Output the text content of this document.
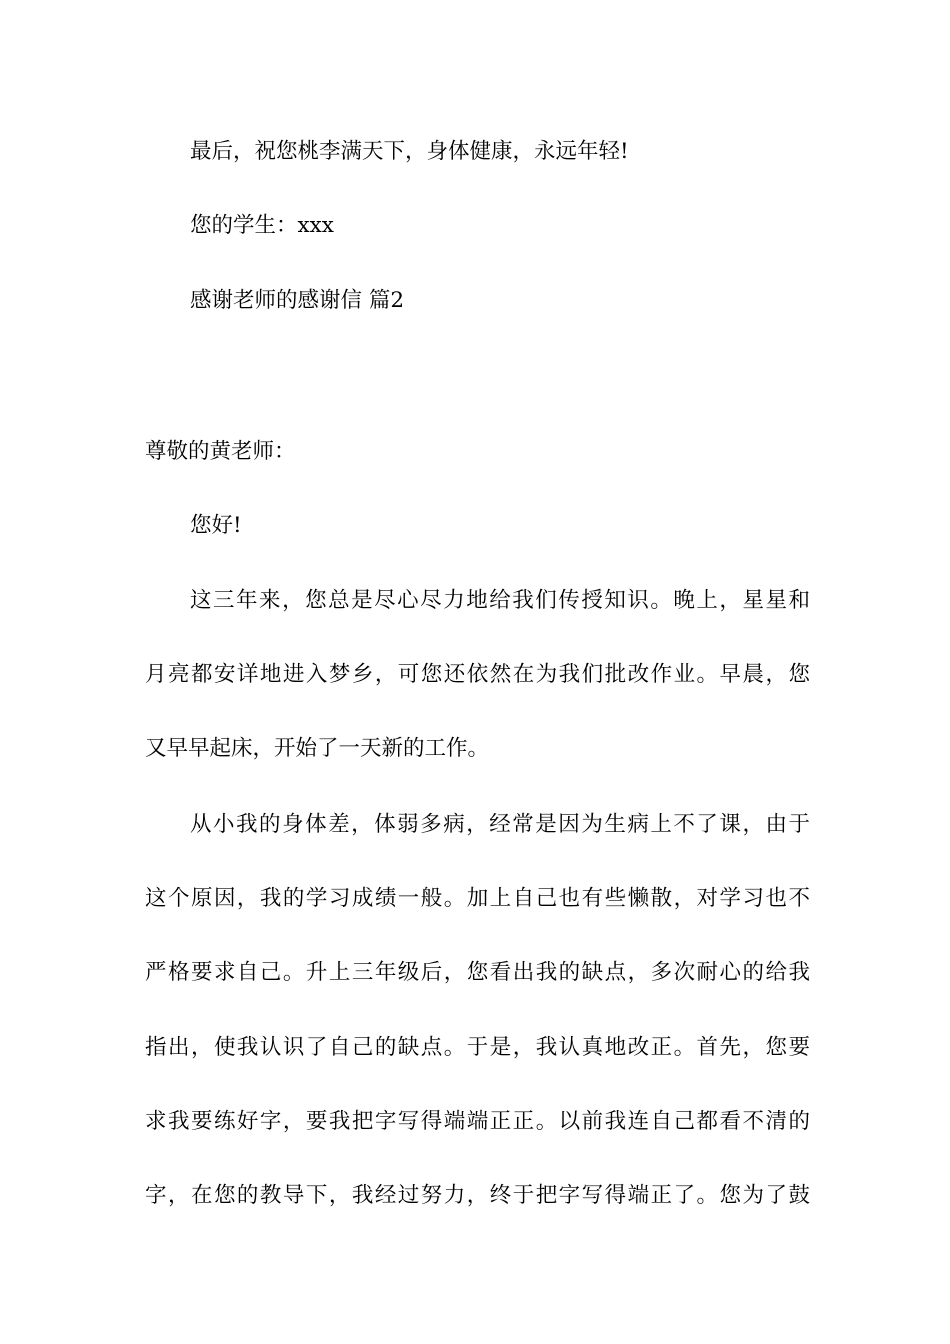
最后，祝您桃李满天下，身体健康，永远年轻!
您的学生：xxx
感谢老师的感谢信 篇2
尊敬的黄老师：
您好!
这三年来，您总是尽心尽力地给我们传授知识。晚上，星星和
月亮都安详地进入梦乡，可您还依然在为我们批改作业。早晨，您
又早早起床，开始了一天新的工作。
从小我的身体差，体弱多病，经常是因为生病上不了课，由于
这个原因，我的学习成绩一般。加上自己也有些懒散，对学习也不
严格要求自己。升上三年级后，您看出我的缺点，多次耐心的给我
指出，使我认识了自己的缺点。于是，我认真地改正。首先，您要
求我要练好字，要我把字写得端端正正。以前我连自己都看不清的
字，在您的教导下，我经过努力，终于把字写得端正了。您为了鼓
